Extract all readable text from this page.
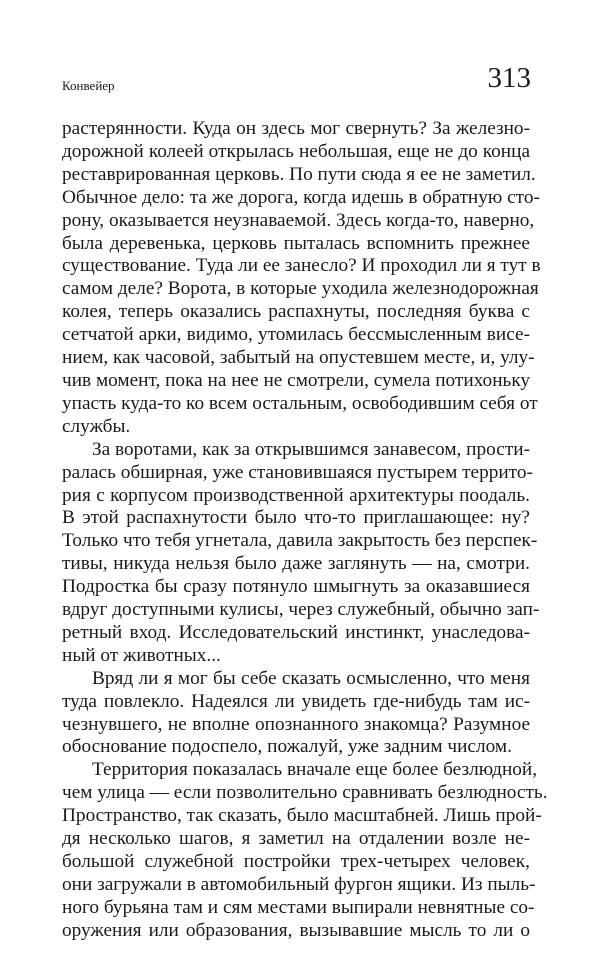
Конвейер	313
растерянности. Куда он здесь мог свернуть? За железно-
дорожной колеей открылась небольшая, еще не до конца
реставрированная церковь. По пути сюда я ее не заметил.
Обычное дело: та же дорога, когда идешь в обратную сто-
рону, оказывается неузнаваемой. Здесь когда-то, наверно,
была деревенька, церковь пыталась вспомнить прежнее
существование. Туда ли ее занесло? И проходил ли я тут в
самом деле? Ворота, в которые уходила железнодорожная
колея, теперь оказались распахнуты, последняя буква с
сетчатой арки, видимо, утомилась бессмысленным висе-
нием, как часовой, забытый на опустевшем месте, и, улу-
чив момент, пока на нее не смотрели, сумела потихоньку
упасть куда-то ко всем остальным, освободившим себя от
службы.
За воротами, как за открывшимся занавесом, прости-
ралась обширная, уже становившаяся пустырем террито-
рия с корпусом производственной архитектуры поодаль.
В этой распахнутости было что-то приглашающее: ну?
Только что тебя угнетала, давила закрытость без перспек-
тивы, никуда нельзя было даже заглянуть — на, смотри.
Подростка бы сразу потянуло шмыгнуть за оказавшиеся
вдруг доступными кулисы, через служебный, обычно зап-
ретный вход. Исследовательский инстинкт, унаследова-
ный от животных...
Вряд ли я мог бы себе сказать осмысленно, что меня
туда повлекло. Надеялся ли увидеть где-нибудь там ис-
чезнувшего, не вполне опознанного знакомца? Разумное
обоснование подоспело, пожалуй, уже задним числом.
Территория показалась вначале еще более безлюдной,
чем улица — если позволительно сравнивать безлюдность.
Пространство, так сказать, было масштабней. Лишь прой-
дя несколько шагов, я заметил на отдалении возле не-
большой служебной постройки трех-четырех человек,
они загружали в автомобильный фургон ящики. Из пыль-
ного бурьяна там и сям местами выпирали невнятные со-
оружения или образования, вызывавшие мысль то ли о
